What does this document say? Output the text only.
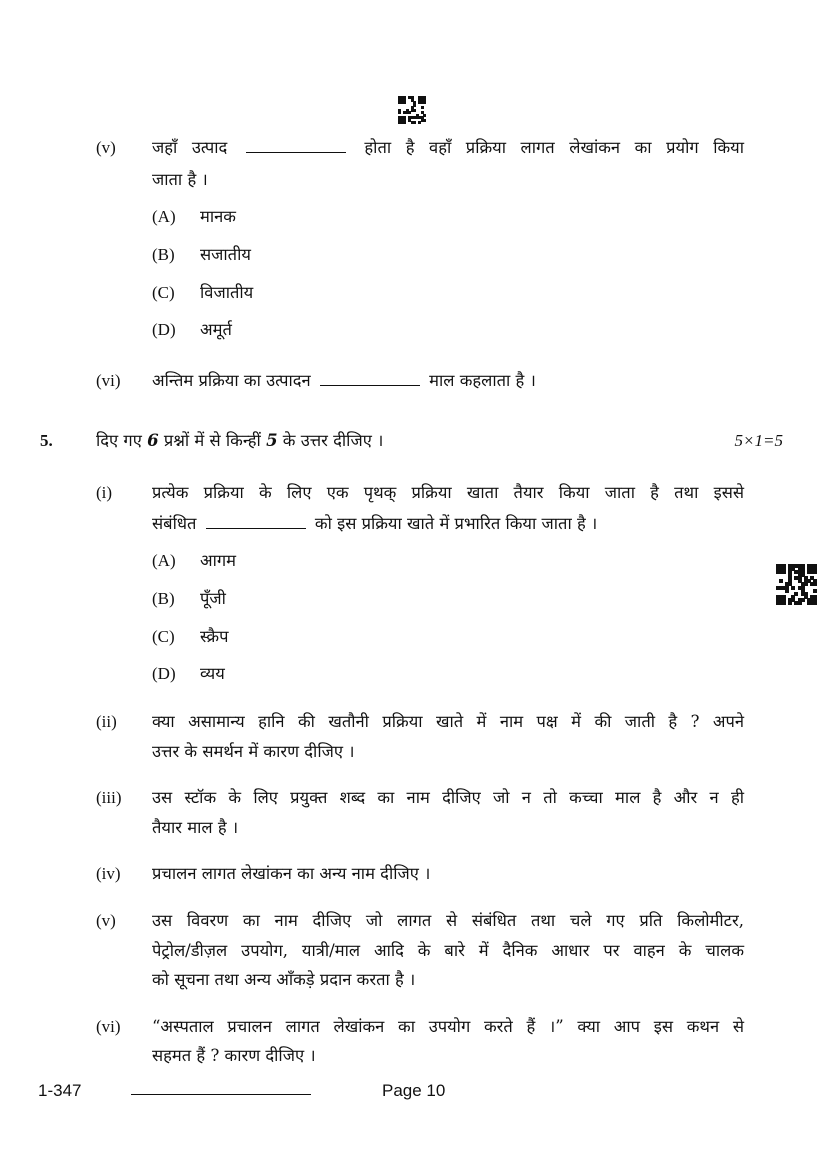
(v) जहाँ उत्पाद	होता है वहाँ प्रक्रिया लागत लेखांकन का प्रयोग किया
जाता है ।
(A) मानक
(B) सजातीय
(C) विजातीय
(D) अमूर्त
(vi) अन्तिम प्रक्रिया का उत्पादन	माल कहलाता है ।
5.	दिए गए 6 प्रश्नों में से किन्हीं 5 के उत्तर दीजिए ।	5×1=5
(i) प्रत्येक प्रक्रिया के लिए एक पृथक् प्रक्रिया खाता तैयार किया जाता है तथा इससे
संबंधित	को इस प्रक्रिया खाते में प्रभारित किया जाता है ।
(A) आगम
(B) पूँजी
(C) स्क्रैप
(D) व्यय
(ii) क्या असामान्य हानि की खतौनी प्रक्रिया खाते में नाम पक्ष में की जाती है ? अपने
उत्तर के समर्थन में कारण दीजिए ।
(iii) उस स्टॉक के लिए प्रयुक्त शब्द का नाम दीजिए जो न तो कच्चा माल है और न ही
तैयार माल है ।
(iv) प्रचालन लागत लेखांकन का अन्य नाम दीजिए ।
(v) उस विवरण का नाम दीजिए जो लागत से संबंधित तथा चले गए प्रति किलोमीटर,
पेट्रोल/डीज़ल उपयोग, यात्री/माल आदि के बारे में दैनिक आधार पर वाहन के चालक
को सूचना तथा अन्य आँकड़े प्रदान करता है ।
(vi) “अस्पताल प्रचालन लागत लेखांकन का उपयोग करते हैं ।” क्या आप इस कथन से
सहमत हैं ? कारण दीजिए ।
1-347	Page 10
